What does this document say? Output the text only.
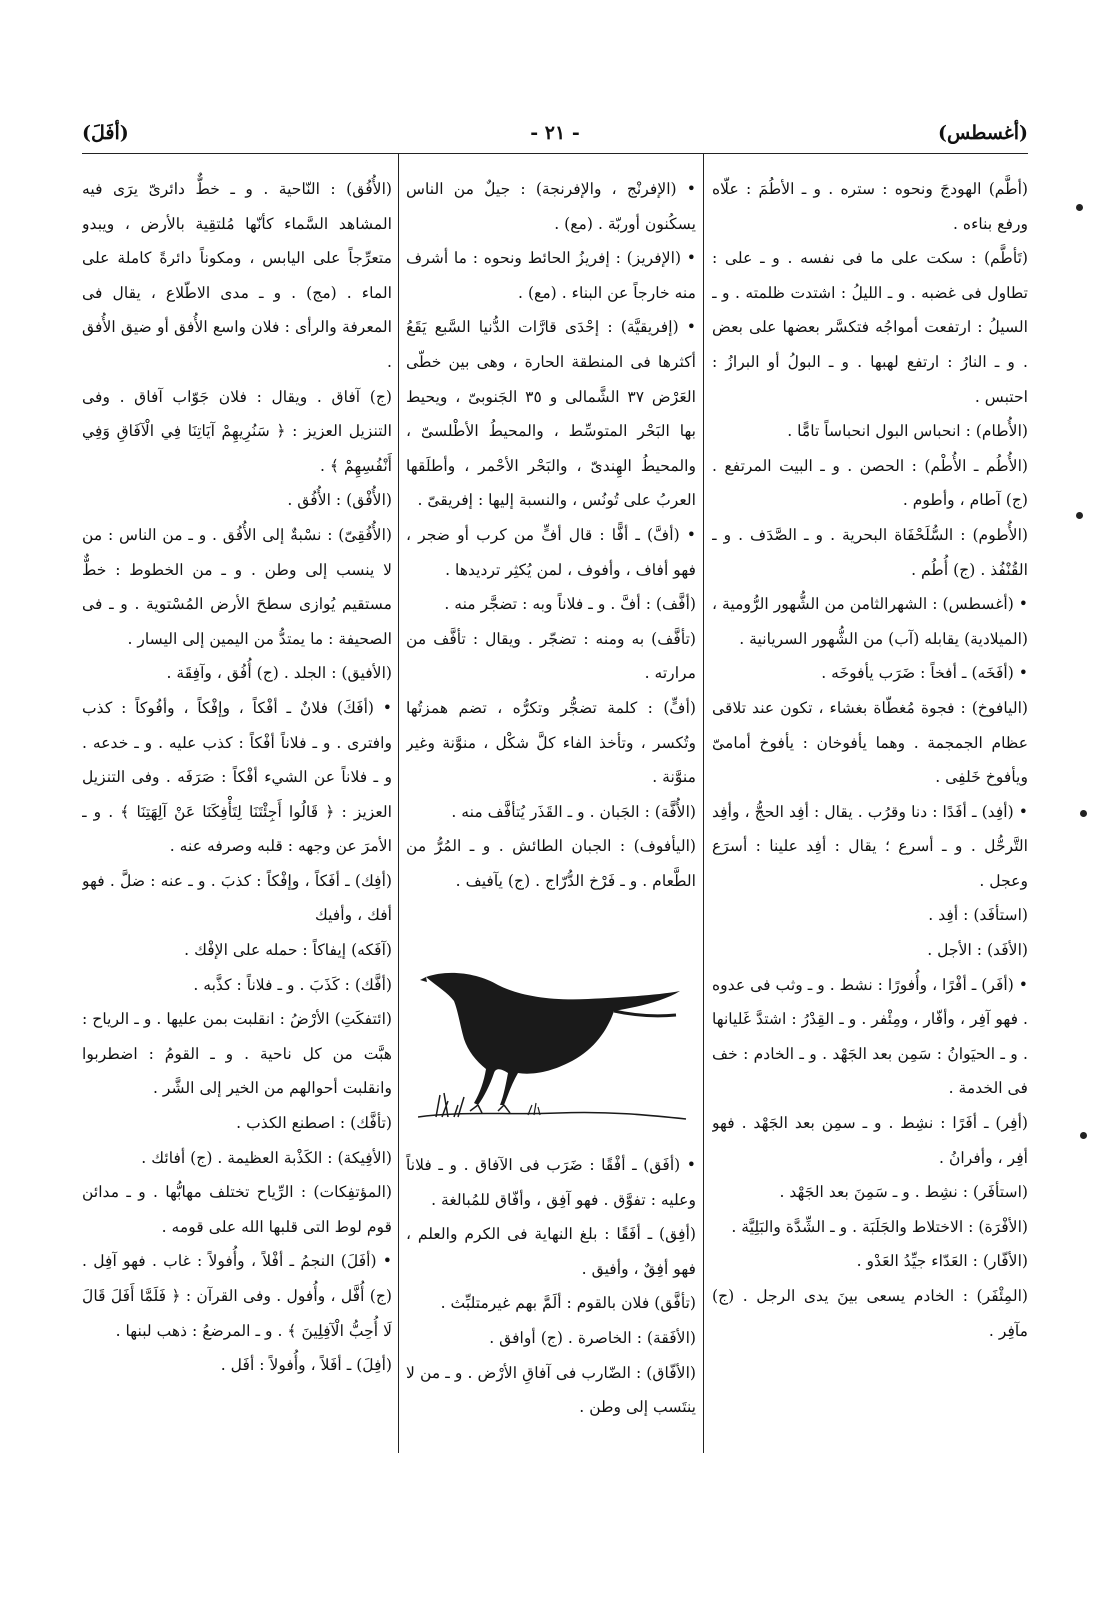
(أغسطس)
- ٢١ -
(أفَلَ)

(أطَّم) الهودجَ ونحوه : ستره . و ـ الأطُمَ : علّاه ورفع بناءه .

(تَأطَّم) : سكت على ما فى نفسه . و ـ على : تطاول فى غضبه . و ـ الليلُ : اشتدت ظلمته . و ـ السيلُ : ارتفعت أمواجُه فتكسَّر بعضها على بعض . و ـ النارُ : ارتفع لهبها . و ـ البولُ أو البرازُ : احتبس .

(الأُطام) : انحباس البول انحباساً تامًّا .

(الأُطُم ـ الأُطْم) : الحصن . و ـ البيت المرتفع . (ج) آطام ، وأطوم .

(الأُطوم) : السُّلَحْفَاة البحرية . و ـ الصَّدَف . و ـ القُنْفُذ . (ج) أُطُم .

• (أغسطس) : الشهرالثامن من الشُّهور الرُّومية ، (الميلادية) يقابله (آب) من الشُّهور السريانية .

• (أفَخَه) ـ أفخاً : ضَرَب يأفوخَه .

(اليافوخ) : فجوة مُغطّاة بغشاء ، تكون عند تلاقى عظام الجمجمة . وهما يأفوخان : يأفوخ أمامىّ ويأفوخ خَلفِى .

• (أفِد) ـ أفَدًا : دنا وقرُب . يقال : أفِد الحجُّ ، وأفِد التَّرحُّل . و ـ أسرع ؛ يقال : أفِد علينا : أسرَع وعجل .

(استأفَد) : أفِد .

(الأفَد) : الأجل .

• (أفَر) ـ أفْرًا ، وأُفورًا : نشط . و ـ وثب فى عدوه . فهو آفِر ، وأفّار ، ومِئْفر . و ـ القِدْرُ : اشتدَّ غَليانها . و ـ الحيَوانُ : سَمِن بعد الجَهْد . و ـ الخادم : خف فى الخدمة .

(أفِر) ـ أفَرًا : نشِط . و ـ سمِن بعد الجَهْد . فهو أفِر ، وأفرانُ .

(استأفَر) : نشِط . و ـ سَمِنَ بعد الجَهْد .

(الأفْرَة) : الاختلاط والجَلَبَة . و ـ الشِّدَّة والبَلِيَّة .

(الأفّار) : العَدّاء جيِّدُ العَدْو .

(المِئْفَر) : الخادم يسعى بينَ يدى الرجل . (ج) مآفِر .

• (الإفرنْج ، والإفرنجة) : جيلٌ من الناس يسكُنون أوربّة . (مع) .

• (الإفريز) : إفريزُ الحائط ونحوه : ما أشرف منه خارجاً عن البناء . (مع) .

• (إفريقيَّة) : إحْدَى قارَّات الدُّنيا السَّبع يَقَعُ أكثرها فى المنطقة الحارة ، وهى بين خطّى العَرْض ٣٧ الشَّمالى و ٣٥ الجَنوبىّ ، ويحيط بها البَحْر المتوسِّط ، والمحيطُ الأطْلسىّ ، والمحيطُ الهِندىّ ، والبَحْر الأحْمر ، وأطلَقها العربُ على تُونُس ، والنسبة إليها : إفريقىّ .

• (أفَّ) ـ أفًّا : قال أفٍّ من كرب أو ضجر ، فهو أفاف ، وأفوف ، لمن يُكثِر ترديدها .

(أفَّف) : أفَّ . و ـ فلاناً وبه : تضجَّر منه .

(تأفَّف) به ومنه : تضجّر . ويقال : تأفَّف من مرارته .

(أفٍّ) : كلمة تضجُّر وتكرُّه ، تضم همزتُها وتُكسر ، وتأخذ الفاء كلَّ شكْل ، منوَّنة وغير منوَّنة .

(الأُفَّة) : الجَبان . و ـ القَذَر يُتأفَّف منه .

(اليأفوف) : الجبان الطائش . و ـ المُرُّ من الطَّعام . و ـ فَرْخ الدُّرّاج . (ج) يآفيف .

• (أفَق) ـ أفْقًا : ضَرَب فى الآفاق . و ـ فلاناً وعليه : تفوَّق . فهو آفِق ، وأفّاق للمُبالغة .

(أفِق) ـ أفَقًا : بلغ النهاية فى الكرم والعلم ، فهو أفِقٌ ، وأفيق .

(تأفَّق) فلان بالقوم : ألَمَّ بهم غيرمتلبِّث .

(الأفَقة) : الخاصرة . (ج) أوافق .

(الأفّاق) : الضّارب فى آفاقِ الأرْض . و ـ من لا ينتَسب إلى وطن .

(الأُفُق) : النّاحية . و ـ خطٌّ دائرىّ يرَى فيه المشاهد السَّماء كأنّها مُلتقِية بالأرض ، ويبدو متعرِّجاً على اليابس ، ومكوناً دائرةً كاملة على الماء . (مج) . و ـ مدى الاطّلاع ، يقال فى المعرفة والرأى : فلان واسع الأُفق أو ضيق الأُفق .

(ج) آفاق . ويقال : فلان جَوّاب آفاق . وفى التنزيل العزيز : ﴿ سَنُرِيهِمْ آيَاتِنَا فِي الْآفَاقِ وَفِي أَنْفُسِهِمْ ﴾ .

(الأُفْق) : الأُفُق .

(الأُفُقِىّ) : نسْبةٌ إلى الأُفُق . و ـ من الناس : من لا ينسب إلى وطن . و ـ من الخطوط : خطٌّ مستقيم يُوازى سطحَ الأرض المُسْتوية . و ـ فى الصحيفة : ما يمتدُّ من اليمين إلى اليسار .

(الأفيق) : الجلد . (ج) أُفُق ، وآفِقَة .

• (أفَكَ) فلانٌ ـ أفْكاً ، وإفْكاً ، وأفُوكاً : كذب وافترى . و ـ فلاناً أفْكاً : كذب عليه . و ـ خدعه . و ـ فلاناً عن الشيء أفْكاً : صَرَفَه . وفى التنزيل العزيز : ﴿ قَالُوا أَجِئْتَنَا لِتَأْفِكَنَا عَنْ آلِهَتِنَا ﴾ . و ـ الأمرَ عن وجهه : قلبه وصرفه عنه .

(أفِك) ـ أفَكاً ، وإفْكاً : كذبَ . و ـ عنه : ضلَّ . فهو أفك ، وأفيك

(آفَكه) إيفاكاً : حمله على الإفْك .

(أفَّك) : كَذَبَ . و ـ فلاناً : كذَّبه .

(ائتفكَتِ) الأرْضُ : انقلبت بمن عليها . و ـ الرياح : هبَّت من كل ناحية . و ـ القومُ : اضطربوا وانقلبت أحوالهم من الخير إلى الشَّر .

(تأفَّك) : اصطنع الكذب .

(الأفِيكة) : الكَذْبة العظيمة . (ج) أفائك .

(المؤتفِكات) : الرِّياح تختلف مهابُّها . و ـ مدائن قوم لوط التى قلبها الله على قومه .

• (أفَلَ) النجمُ ـ أفْلاً ، وأُفولاً : غاب . فهو آفِل . (ج) أُفَّل ، وأُفول . وفى القرآن : ﴿ فَلَمَّا أَفَلَ قَالَ لَا أُحِبُّ الْآفِلِينَ ﴾ . و ـ المرضعُ : ذهب لبنها .

(أفِلَ) ـ أفَلاً ، وأُفولاً : أفَل .
